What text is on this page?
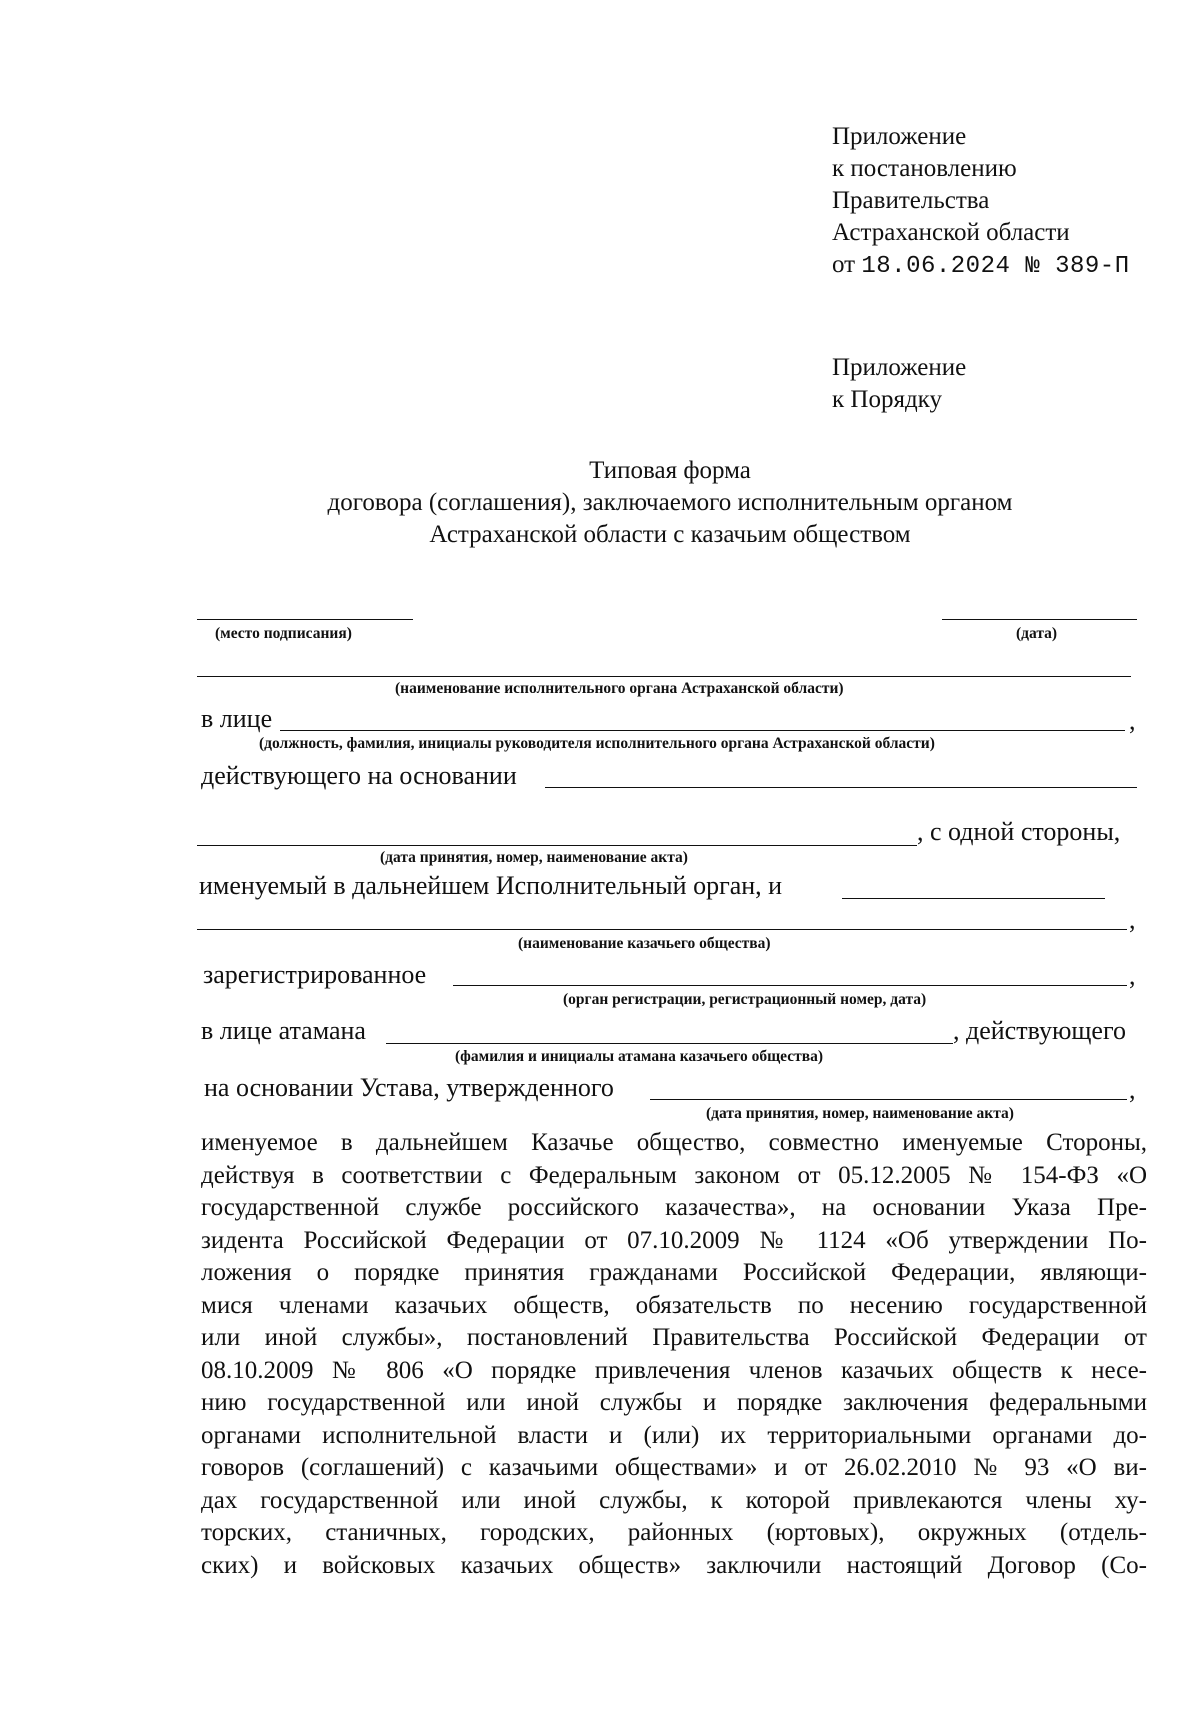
Приложение
к постановлению
Правительства
Астраханской области
от 18.06.2024 № 389-П
Приложение
к Порядку
Типовая форма
договора (соглашения), заключаемого исполнительным органом
Астраханской области с казачьим обществом
(место подписания)	(дата)
(наименование исполнительного органа Астраханской области)
в лице	,
(должность, фамилия, инициалы руководителя исполнительного органа Астраханской области)
действующего на основании
, с одной стороны,
(дата принятия, номер, наименование акта)
именуемый в дальнейшем Исполнительный орган, и
,
(наименование казачьего общества)
зарегистрированное	,
(орган регистрации, регистрационный номер, дата)
в лице атамана	, действующего
(фамилия и инициалы атамана казачьего общества)
на основании Устава, утвержденного	,
(дата принятия, номер, наименование акта)
именуемое в дальнейшем Казачье общество, совместно именуемые Стороны,
действуя в соответствии с Федеральным законом от 05.12.2005 № 154-ФЗ «О
государственной службе российского казачества», на основании Указа Пре-
зидента Российской Федерации от 07.10.2009 № 1124 «Об утверждении По-
ложения о порядке принятия гражданами Российской Федерации, являющи-
мися членами казачьих обществ, обязательств по несению государственной
или иной службы», постановлений Правительства Российской Федерации от
08.10.2009 № 806 «О порядке привлечения членов казачьих обществ к несе-
нию государственной или иной службы и порядке заключения федеральными
органами исполнительной власти и (или) их территориальными органами до-
говоров (соглашений) с казачьими обществами» и от 26.02.2010 № 93 «О ви-
дах государственной или иной службы, к которой привлекаются члены ху-
торских, станичных, городских, районных (юртовых), окружных (отдель-
ских) и войсковых казачьих обществ» заключили настоящий Договор (Со-
